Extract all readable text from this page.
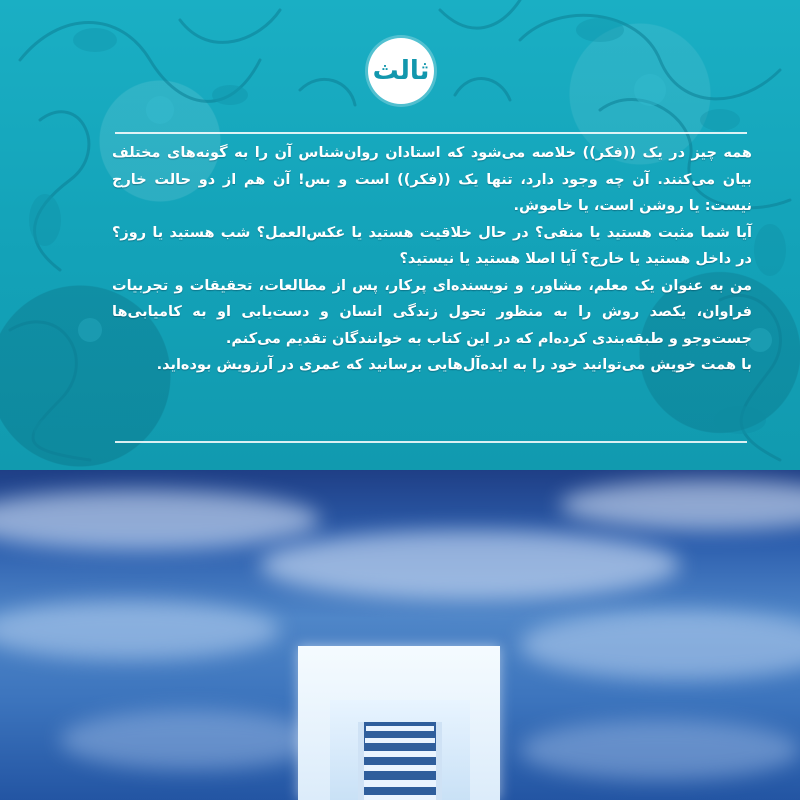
ثالث

همه چیز در یک ((فکر)) خلاصه می‌شود که استادان روان‌شناس آن را به گونه‌های مختلف بیان می‌کنند. آن چه وجود دارد، تنها یک ((فکر)) است و بس! آن هم از دو حالت خارج نیست: یا روشن است، یا خاموش.

آیا شما مثبت هستید یا منفی؟ در حال خلاقیت هستید یا عکس‌العمل؟ شب هستید یا روز؟ در داخل هستید یا خارج؟ آیا اصلا هستید یا نیستید؟

من به عنوان یک معلم، مشاور، و نویسنده‌ای پرکار، پس از مطالعات، تحقیقات و تجربیات فراوان، یکصد روش را به منظور تحول زندگی انسان و دست‌یابی او به کامیابی‌ها جست‌وجو و طبقه‌بندی کرده‌ام که در این کتاب به خوانندگان تقدیم می‌کنم.

با همت خویش می‌توانید خود را به ایده‌آل‌هایی برسانید که عمری در آرزویش بوده‌اید.
